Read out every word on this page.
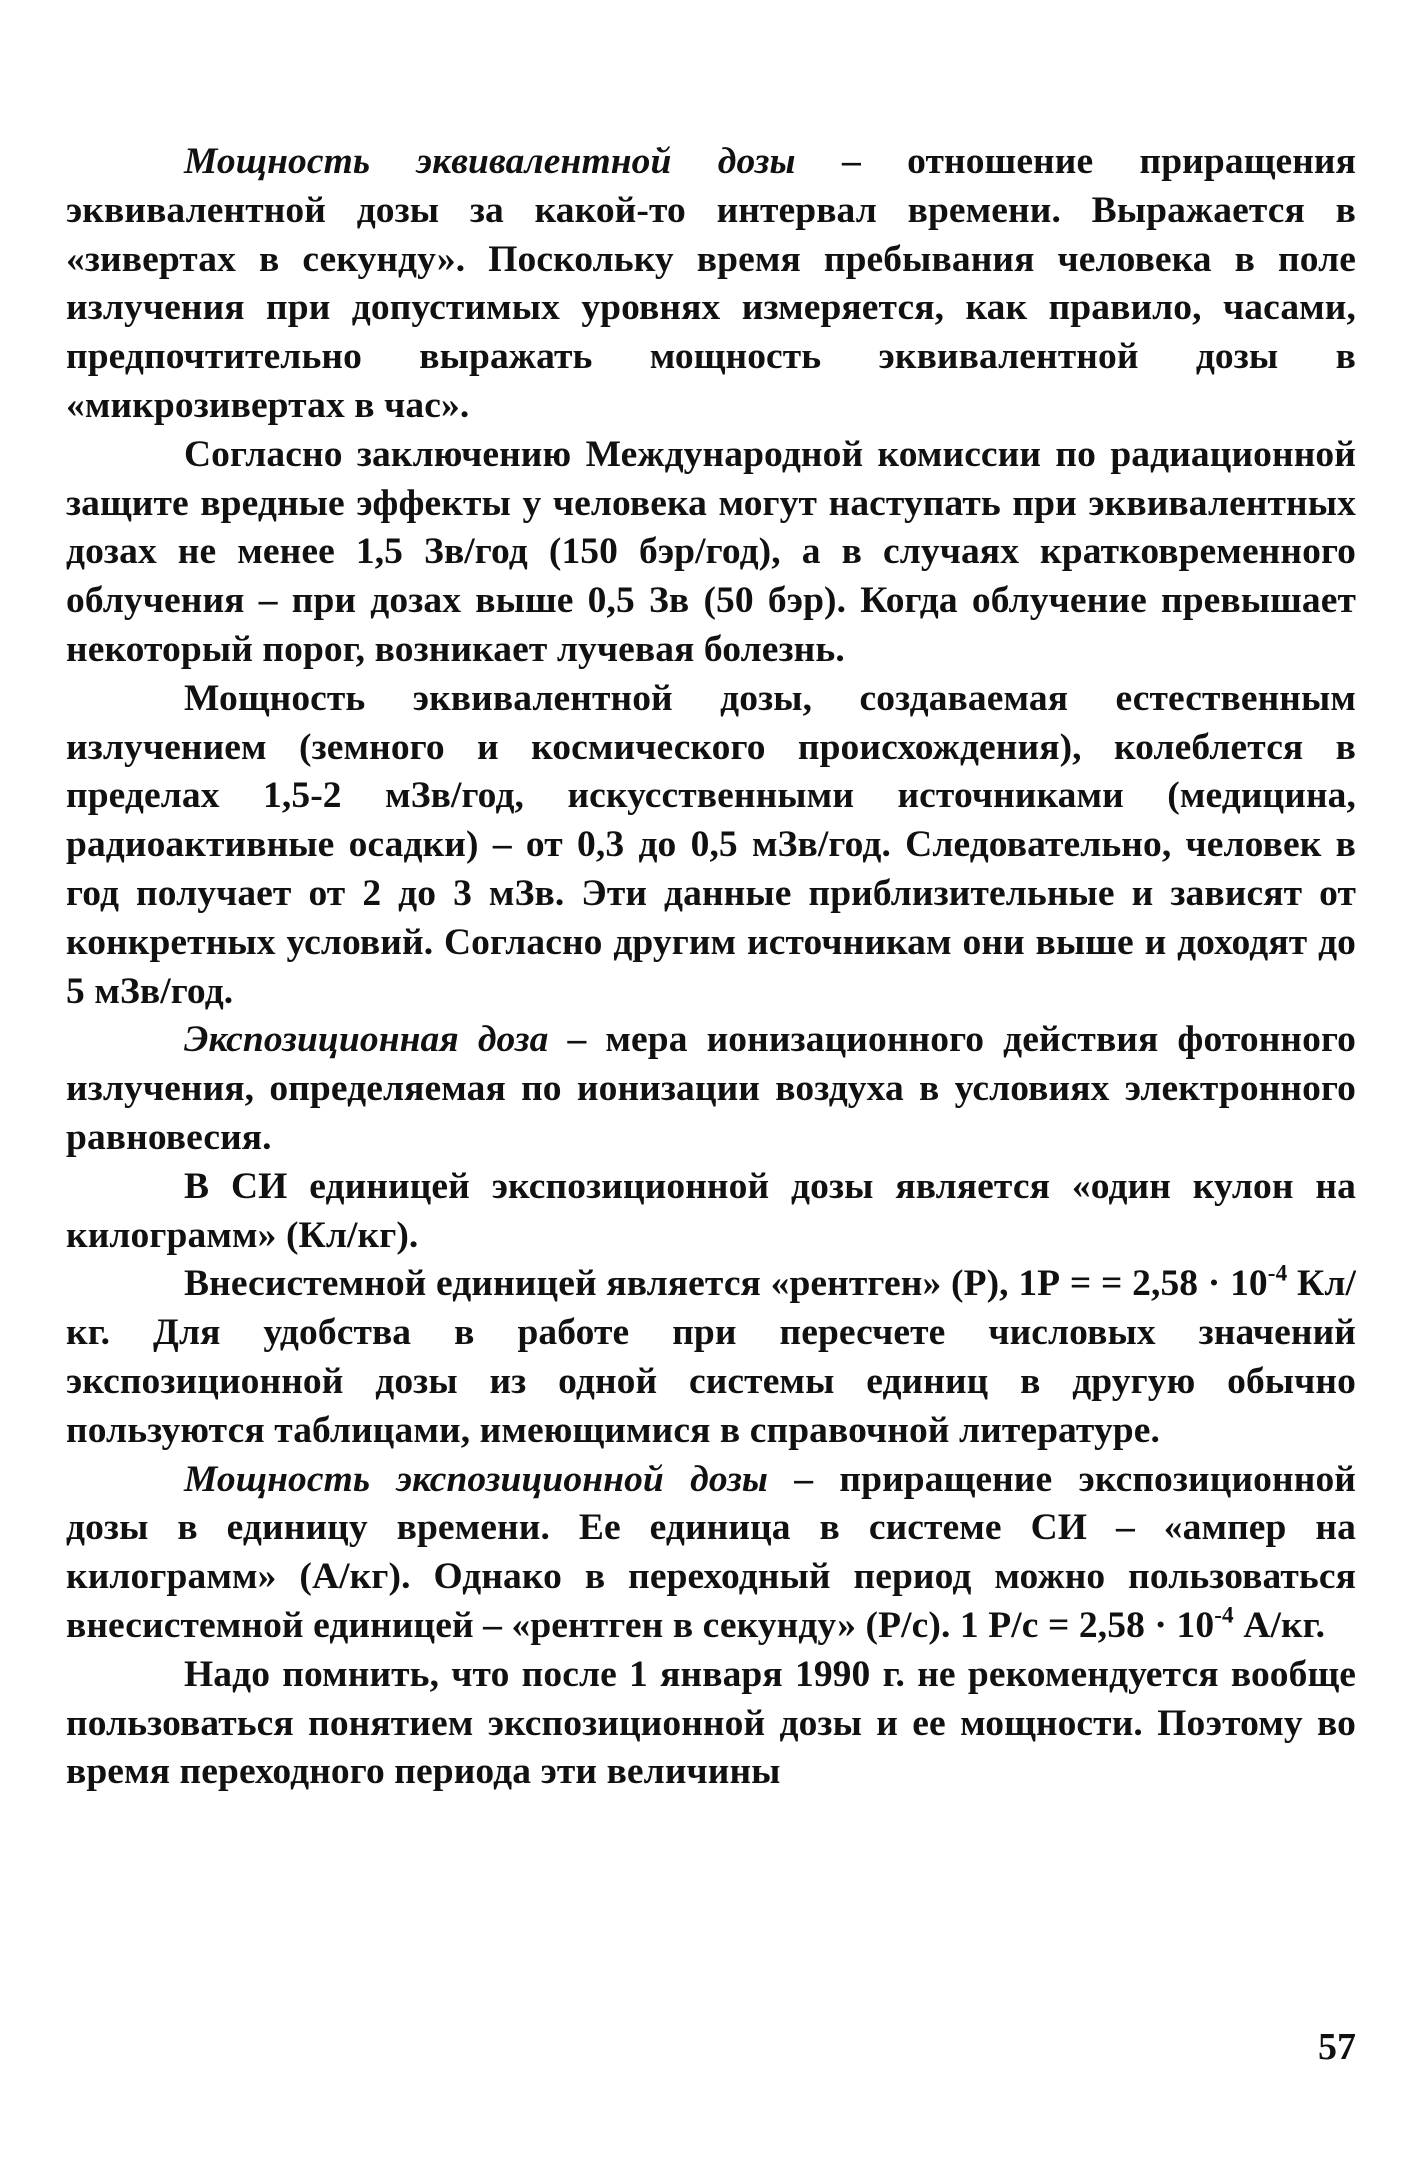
Мощность эквивалентной дозы – отношение приращения эквивалентной дозы за какой-то интервал времени. Выражается в «зивертах в секунду». Поскольку время пребывания человека в поле излучения при допустимых уровнях измеряется, как правило, часами, предпочтительно выражать мощность эквивалентной дозы в «микрозивертах в час».

Согласно заключению Международной комиссии по радиационной защите вредные эффекты у человека могут наступать при эквивалентных дозах не менее 1,5 Зв/год (150 бэр/год), а в случаях кратковременного облучения – при дозах выше 0,5 Зв (50 бэр). Когда облучение превышает некоторый порог, возникает лучевая болезнь.

Мощность эквивалентной дозы, создаваемая естественным излучением (земного и космического происхождения), колеблется в пределах 1,5-2 мЗв/год, искусственными источниками (медицина, радиоактивные осадки) – от 0,3 до 0,5 мЗв/год. Следовательно, человек в год получает от 2 до 3 мЗв. Эти данные приблизительные и зависят от конкретных условий. Согласно другим источникам они выше и доходят до 5 мЗв/год.

Экспозиционная доза – мера ионизационного действия фотонного излучения, определяемая по ионизации воздуха в условиях электронного равновесия.

В СИ единицей экспозиционной дозы является «один кулон на килограмм» (Кл/кг).

Внесистемной единицей является «рентген» (Р), 1Р = = $2,58 \cdot 10^{-4}$ Кл/кг. Для удобства в работе при пересчете числовых значений экспозиционной дозы из одной системы единиц в другую обычно пользуются таблицами, имеющимися в справочной литературе.

Мощность экспозиционной дозы – приращение экспозиционной дозы в единицу времени. Ее единица в системе СИ – «ампер на килограмм» (А/кг). Однако в переходный период можно пользоваться внесистемной единицей – «рентген в секунду» (Р/с). 1 $Р/с = 2,58 \cdot 10^{-4}$ А/кг.

Надо помнить, что после 1 января 1990 г. не рекомендуется вообще пользоваться понятием экспозиционной дозы и ее мощности. Поэтому во время переходного периода эти величины

57
